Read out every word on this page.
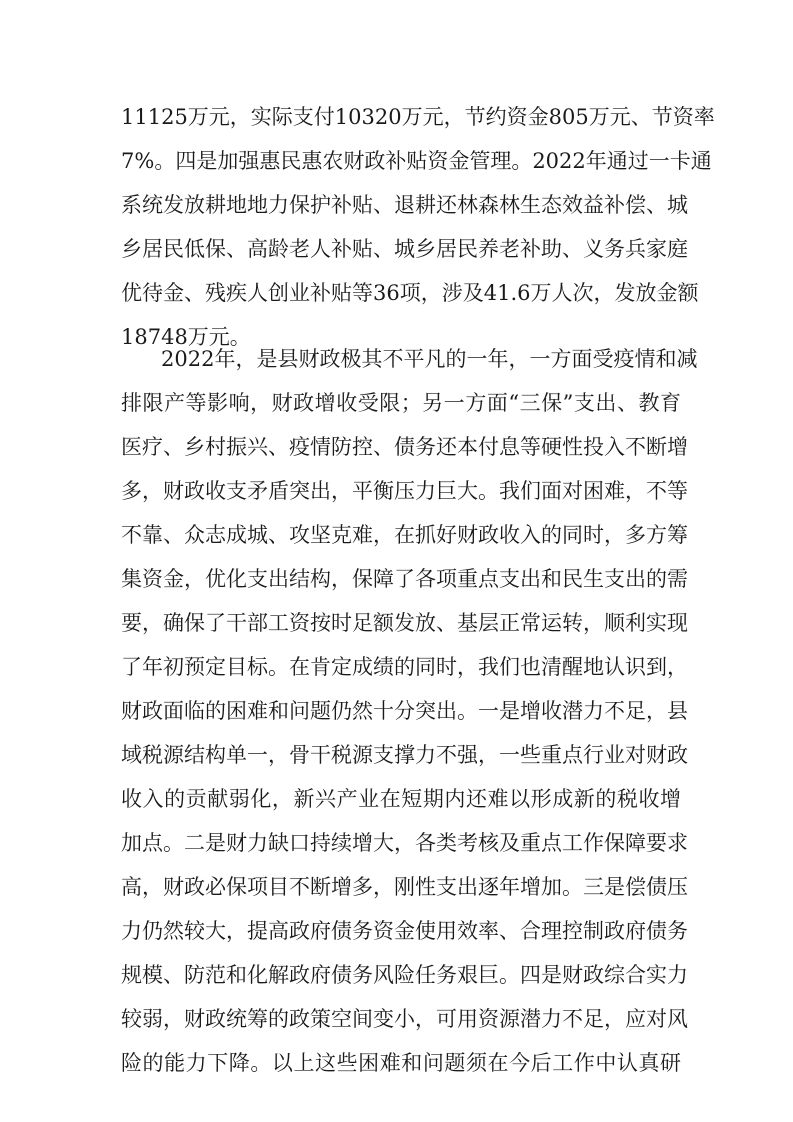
11125万元，实际支付10320万元，节约资金805万元、节资率
7%。四是加强惠民惠农财政补贴资金管理。2022年通过一卡通
系统发放耕地地力保护补贴、退耕还林森林生态效益补偿、城
乡居民低保、高龄老人补贴、城乡居民养老补助、义务兵家庭
优待金、残疾人创业补贴等36项，涉及41.6万人次，发放金额
18748万元。
2022年，是县财政极其不平凡的一年，一方面受疫情和减
排限产等影响，财政增收受限；另一方面“三保”支出、教育
医疗、乡村振兴、疫情防控、债务还本付息等硬性投入不断增
多，财政收支矛盾突出，平衡压力巨大。我们面对困难，不等
不靠、众志成城、攻坚克难，在抓好财政收入的同时，多方筹
集资金，优化支出结构，保障了各项重点支出和民生支出的需
要，确保了干部工资按时足额发放、基层正常运转，顺利实现
了年初预定目标。在肯定成绩的同时，我们也清醒地认识到，
财政面临的困难和问题仍然十分突出。一是增收潜力不足，县
域税源结构单一，骨干税源支撑力不强，一些重点行业对财政
收入的贡献弱化，新兴产业在短期内还难以形成新的税收增
加点。二是财力缺口持续增大，各类考核及重点工作保障要求
高，财政必保项目不断增多，刚性支出逐年增加。三是偿债压
力仍然较大，提高政府债务资金使用效率、合理控制政府债务
规模、防范和化解政府债务风险任务艰巨。四是财政综合实力
较弱，财政统筹的政策空间变小，可用资源潜力不足，应对风
险的能力下降。以上这些困难和问题须在今后工作中认真研
